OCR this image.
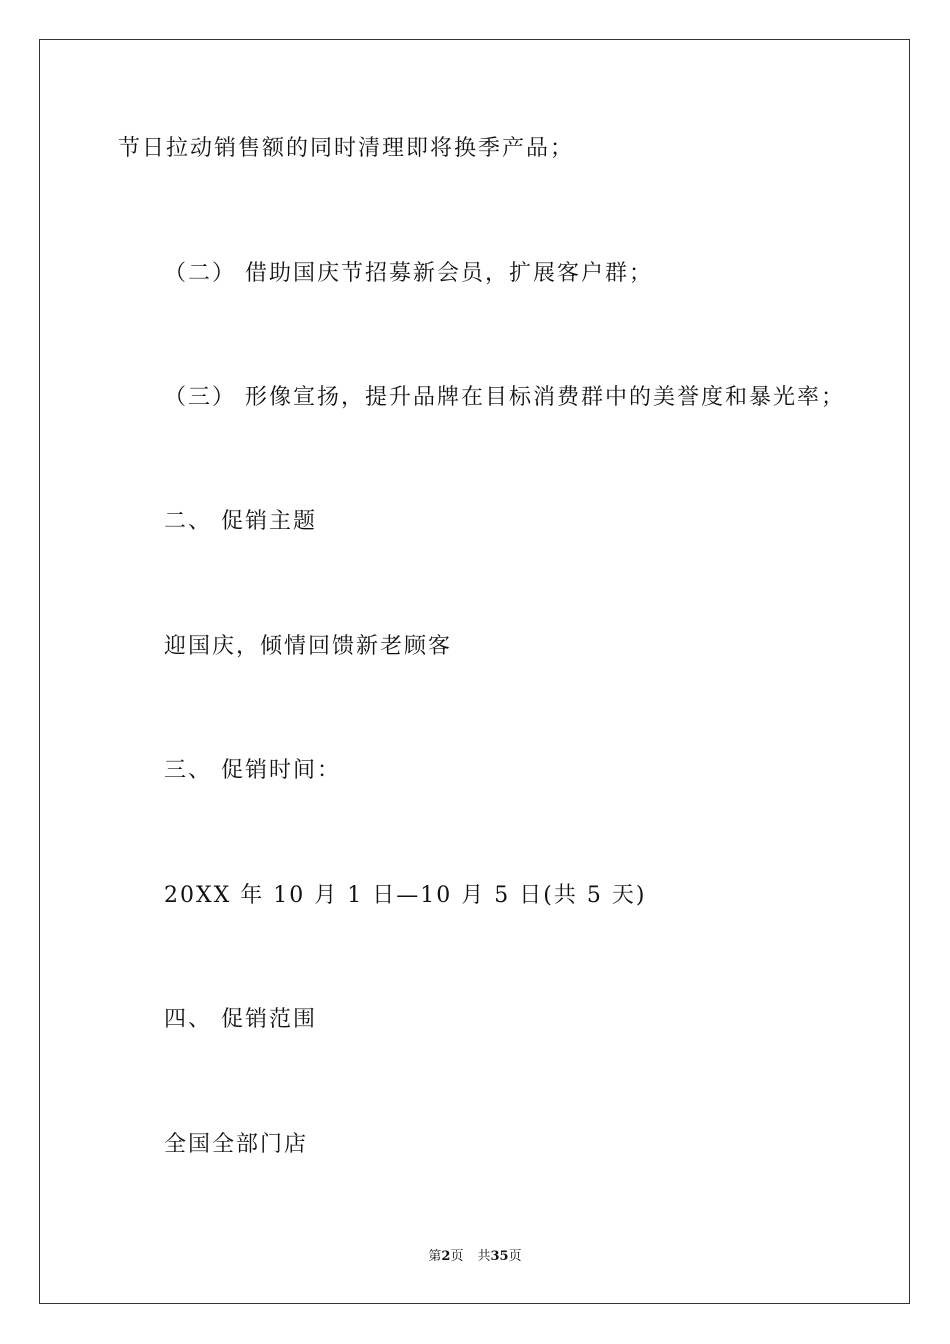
节日拉动销售额的同时清理即将换季产品；
（二） 借助国庆节招募新会员，扩展客户群；
（三） 形像宣扬，提升品牌在目标消费群中的美誉度和暴光率；
二、 促销主题
迎国庆，倾情回馈新老顾客
三、 促销时间：
20XX 年 10 月 1 日—10 月 5 日(共 5 天)
四、 促销范围
全国全部门店
第2页 共35页
